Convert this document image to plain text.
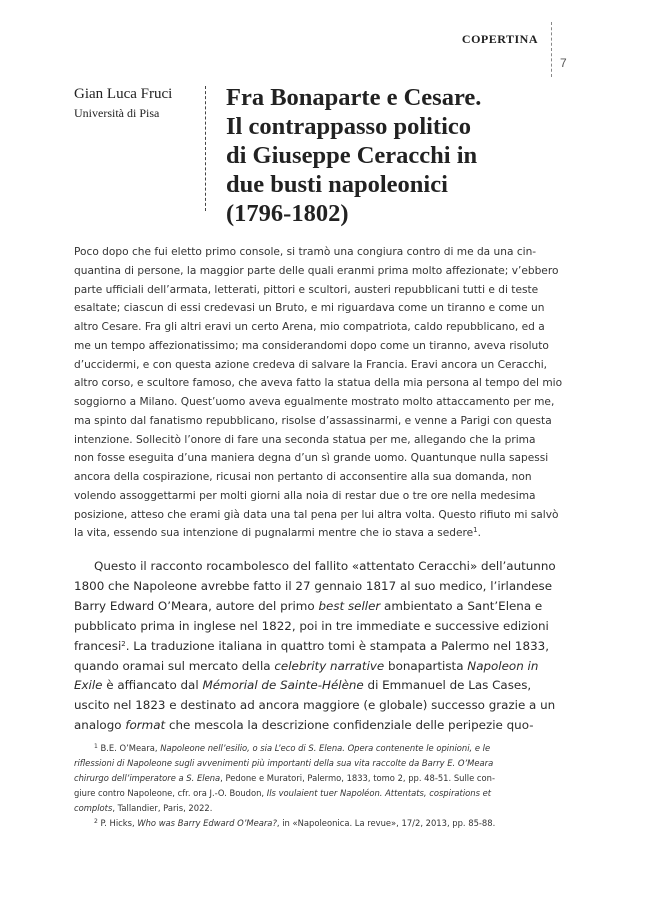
COPERTINA
7
Gian Luca Fruci
Università di Pisa
Fra Bonaparte e Cesare.
Il contrappasso politico
di Giuseppe Ceracchi in
due busti napoleonici
(1796-1802)
Poco dopo che fui eletto primo console, si tramò una congiura contro di me da una cin-
quantina di persone, la maggior parte delle quali eranmi prima molto affezionate; v’ebbero
parte ufficiali dell’armata, letterati, pittori e scultori, austeri repubblicani tutti e di teste
esaltate; ciascun di essi credevasi un Bruto, e mi riguardava come un tiranno e come un
altro Cesare. Fra gli altri eravi un certo Arena, mio compatriota, caldo repubblicano, ed a
me un tempo affezionatissimo; ma considerandomi dopo come un tiranno, aveva risoluto
d’uccidermi, e con questa azione credeva di salvare la Francia. Eravi ancora un Ceracchi,
altro corso, e scultore famoso, che aveva fatto la statua della mia persona al tempo del mio
soggiorno a Milano. Quest’uomo aveva egualmente mostrato molto attaccamento per me,
ma spinto dal fanatismo repubblicano, risolse d’assassinarmi, e venne a Parigi con questa
intenzione. Sollecitò l’onore di fare una seconda statua per me, allegando che la prima
non fosse eseguita d’una maniera degna d’un sì grande uomo. Quantunque nulla sapessi
ancora della cospirazione, ricusai non pertanto di acconsentire alla sua domanda, non
volendo assoggettarmi per molti giorni alla noia di restar due o tre ore nella medesima
posizione, atteso che erami già data una tal pena per lui altra volta. Questo rifiuto mi salvò
la vita, essendo sua intenzione di pugnalarmi mentre che io stava a sedere$^1$.
Questo il racconto rocambolesco del fallito «attentato Ceracchi» dell’autunno
1800 che Napoleone avrebbe fatto il 27 gennaio 1817 al suo medico, l’irlandese
Barry Edward O’Meara, autore del primo best seller ambientato a Sant’Elena e
pubblicato prima in inglese nel 1822, poi in tre immediate e successive edizioni
francesi$^2$. La traduzione italiana in quattro tomi è stampata a Palermo nel 1833,
quando oramai sul mercato della celebrity narrative bonapartista Napoleon in
Exile è affiancato dal Mémorial de Sainte-Hélène di Emmanuel de Las Cases,
uscito nel 1823 e destinato ad ancora maggiore (e globale) successo grazie a un
analogo format che mescola la descrizione confidenziale delle peripezie quo-
$^1$ B.E. O’Meara, Napoleone nell’esilio, o sia L’eco di S. Elena. Opera contenente le opinioni, e le
riflessioni di Napoleone sugli avvenimenti più importanti della sua vita raccolte da Barry E. O’Meara
chirurgo dell’imperatore a S. Elena, Pedone e Muratori, Palermo, 1833, tomo 2, pp. 48-51. Sulle con-
giure contro Napoleone, cfr. ora J.-O. Boudon, Ils voulaient tuer Napoléon. Attentats, cospirations et
complots, Tallandier, Paris, 2022.
$^2$ P. Hicks, Who was Barry Edward O’Meara?, in «Napoleonica. La revue», 17/2, 2013, pp. 85-88.
